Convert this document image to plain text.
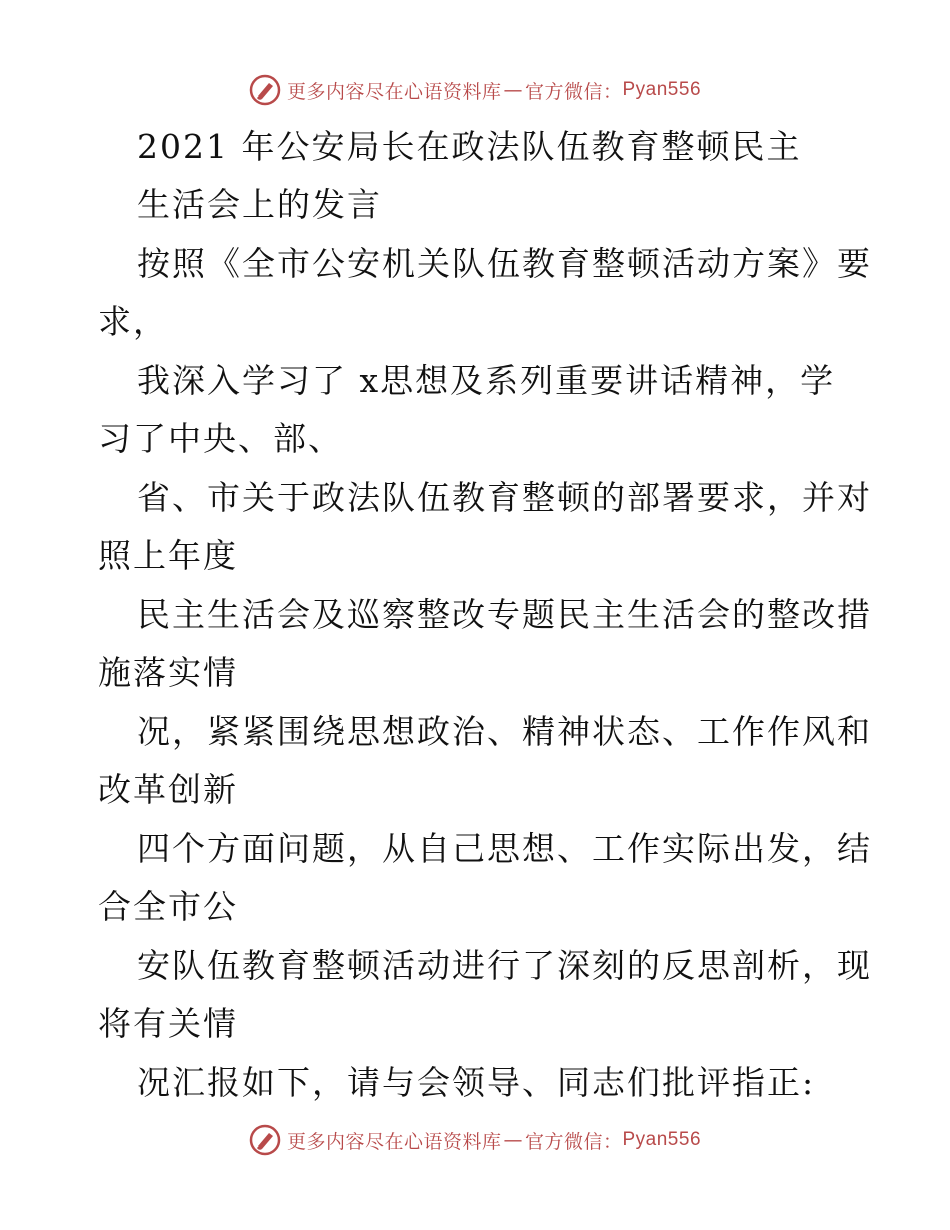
更多内容尽在心语资料库 — 官方微信： Pyan556
2021 年公安局长在政法队伍教育整顿民主
生活会上的发言
按照《全市公安机关队伍教育整顿活动方案》要
求，
我深入学习了 x思想及系列重要讲话精神，学
习了中央、部、
省、市关于政法队伍教育整顿的部署要求，并对
照上年度
民主生活会及巡察整改专题民主生活会的整改措
施落实情
况，紧紧围绕思想政治、精神状态、工作作风和
改革创新
四个方面问题，从自己思想、工作实际出发，结
合全市公
安队伍教育整顿活动进行了深刻的反思剖析，现
将有关情
况汇报如下，请与会领导、同志们批评指正:
更多内容尽在心语资料库 — 官方微信： Pyan556
